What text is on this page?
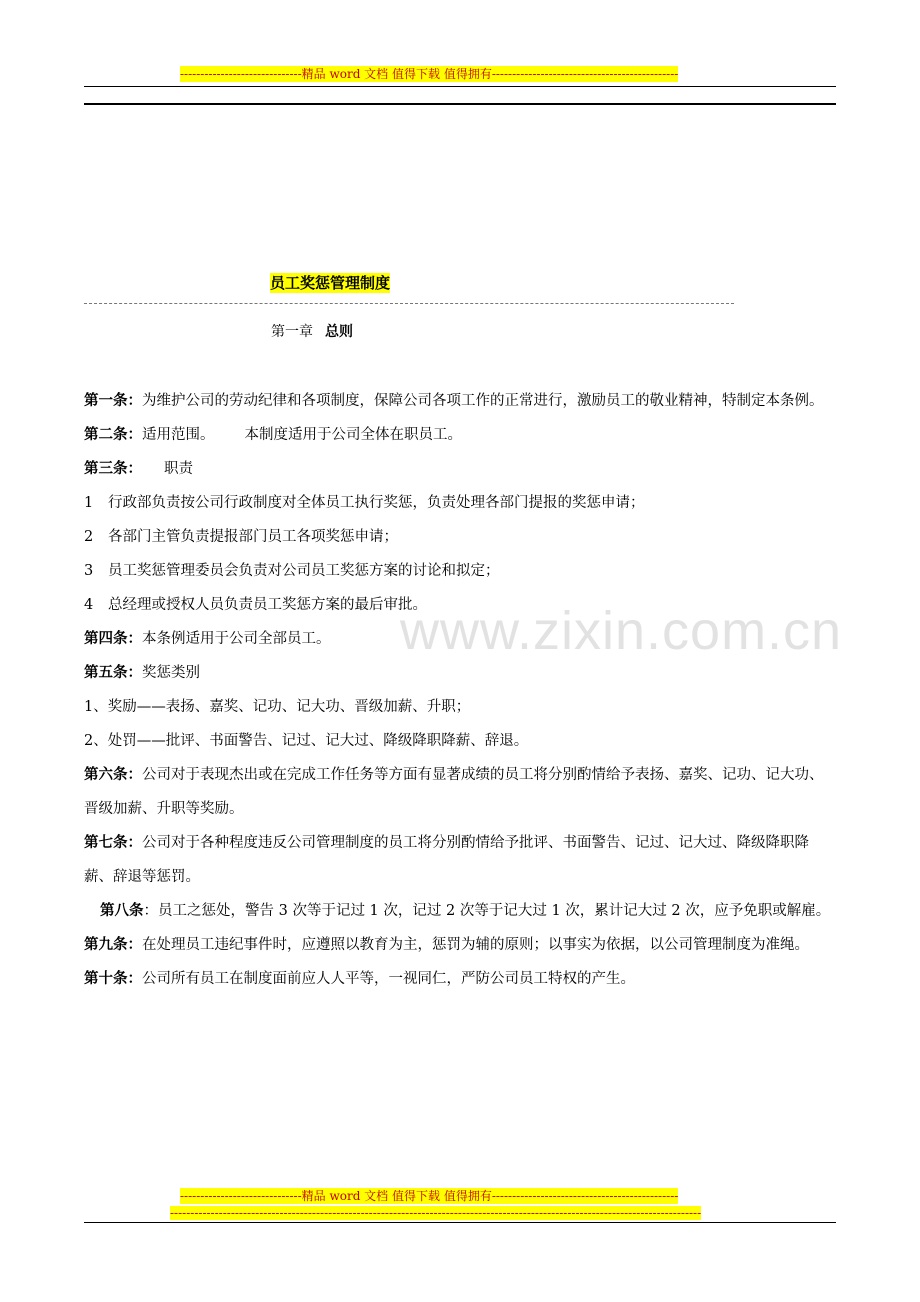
------------------------------精品 word 文档 值得下载 值得拥有----------------------------------------------
员工奖惩管理制度
第一章 总则
www.zixin.com.cn

第一条：为维护公司的劳动纪律和各项制度，保障公司各项工作的正常进行，激励员工的敬业精神，特制定本条例。

第二条：适用范围。 本制度适用于公司全体在职员工。

第三条： 职责

1 行政部负责按公司行政制度对全体员工执行奖惩，负责处理各部门提报的奖惩申请；

2 各部门主管负责提报部门员工各项奖惩申请；

3 员工奖惩管理委员会负责对公司员工奖惩方案的讨论和拟定；

4 总经理或授权人员负责员工奖惩方案的最后审批。

第四条：本条例适用于公司全部员工。

第五条：奖惩类别

1、奖励——表扬、嘉奖、记功、记大功、晋级加薪、升职；

2、处罚——批评、书面警告、记过、记大过、降级降职降薪、辞退。

第六条：公司对于表现杰出或在完成工作任务等方面有显著成绩的员工将分别酌情给予表扬、嘉奖、记功、记大功、晋级加薪、升职等奖励。

第七条：公司对于各种程度违反公司管理制度的员工将分别酌情给予批评、书面警告、记过、记大过、降级降职降薪、辞退等惩罚。

第八条：员工之惩处，警告 3 次等于记过 1 次，记过 2 次等于记大过 1 次，累计记大过 2 次，应予免职或解雇。

第九条：在处理员工违纪事件时，应遵照以教育为主，惩罚为辅的原则；以事实为依据，以公司管理制度为准绳。

第十条：公司所有员工在制度面前应人人平等，一视同仁，严防公司员工特权的产生。

------------------------------精品 word 文档 值得下载 值得拥有----------------------------------------------
-----------------------------------------------------------------------------------------------------------------------------------
